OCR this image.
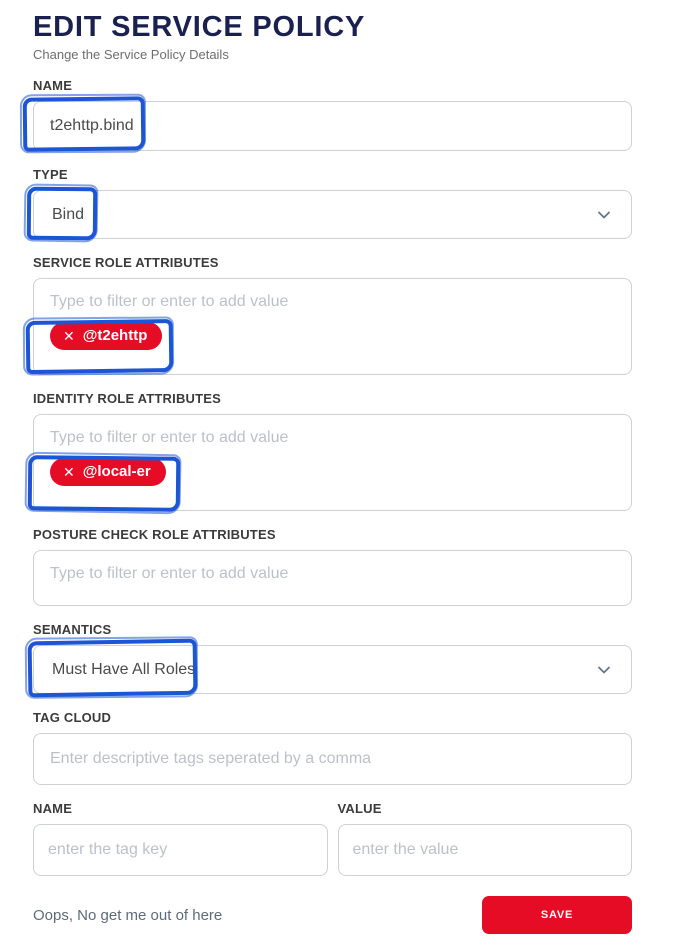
EDIT SERVICE POLICY
Change the Service Policy Details
NAME
t2ehttp.bind
TYPE
Bind
SERVICE ROLE ATTRIBUTES
Type to filter or enter to add value
✕ @t2ehttp
IDENTITY ROLE ATTRIBUTES
Type to filter or enter to add value
✕ @local-er
POSTURE CHECK ROLE ATTRIBUTES
Type to filter or enter to add value
SEMANTICS
Must Have All Roles
TAG CLOUD
Enter descriptive tags seperated by a comma
NAME
enter the tag key	VALUE
enter the value
Oops, No get me out of here	SAVE
